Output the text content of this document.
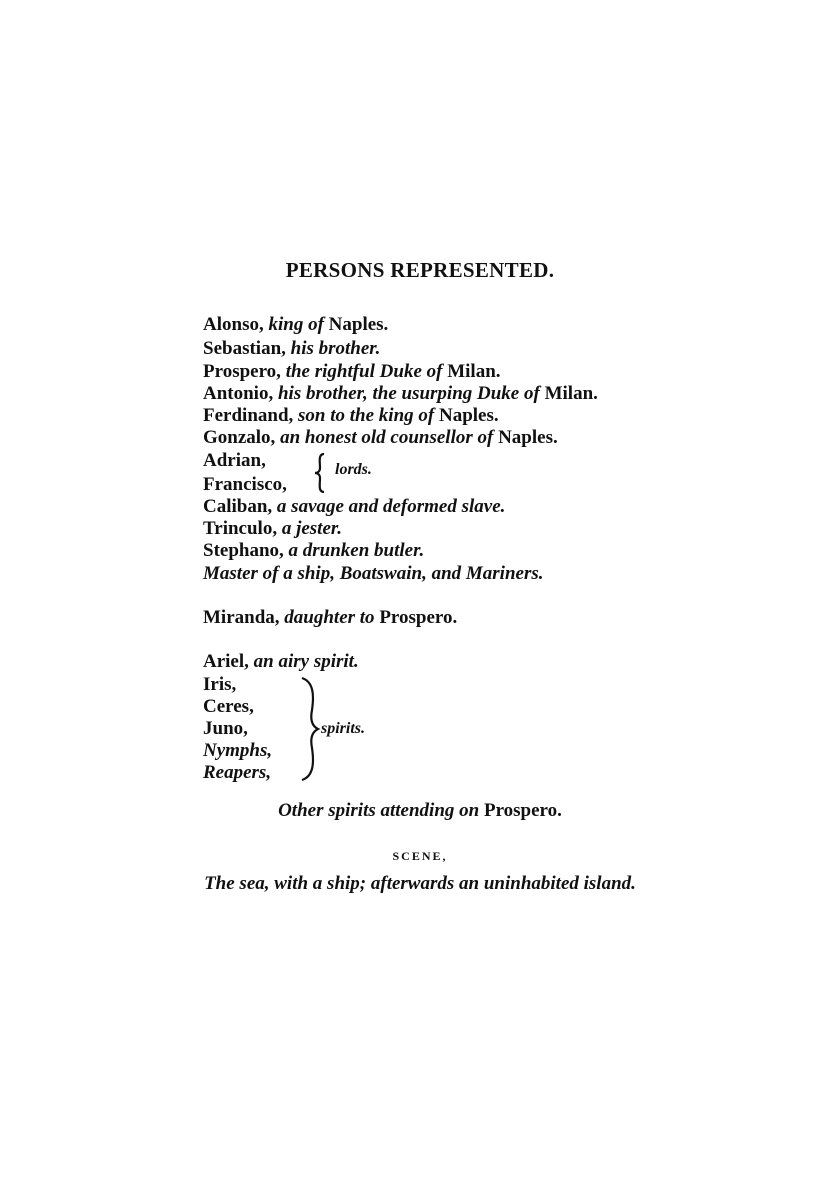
PERSONS REPRESENTED.
Alonso, king of Naples.
Sebastian, his brother.
Prospero, the rightful Duke of Milan.
Antonio, his brother, the usurping Duke of Milan.
Ferdinand, son to the king of Naples.
Gonzalo, an honest old counsellor of Naples.
Adrian,
Francisco,
lords.
Caliban, a savage and deformed slave.
Trinculo, a jester.
Stephano, a drunken butler.
Master of a ship, Boatswain, and Mariners.
Miranda, daughter to Prospero.
Ariel, an airy spirit.
Iris,
Ceres,
Juno,
Nymphs,
Reapers,
spirits.
Other spirits attending on Prospero.
SCENE,
The sea, with a ship; afterwards an uninhabited island.
